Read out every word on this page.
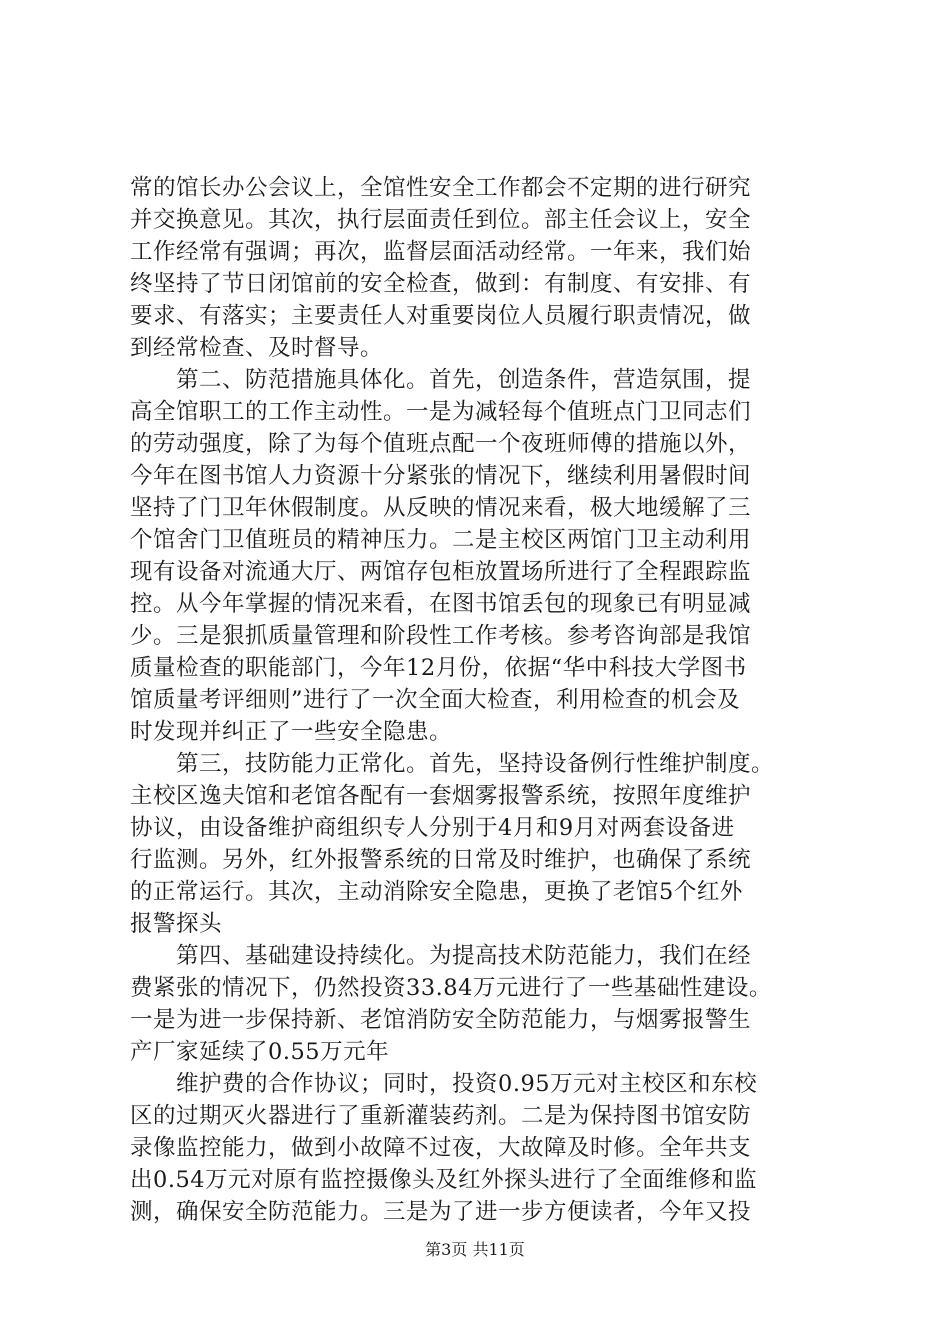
常的馆长办公会议上，全馆性安全工作都会不定期的进行研究
并交换意见。其次，执行层面责任到位。部主任会议上，安全
工作经常有强调；再次，监督层面活动经常。一年来，我们始
终坚持了节日闭馆前的安全检查，做到：有制度、有安排、有
要求、有落实；主要责任人对重要岗位人员履行职责情况，做
到经常检查、及时督导。
　　第二、防范措施具体化。首先，创造条件，营造氛围，提
高全馆职工的工作主动性。一是为减轻每个值班点门卫同志们
的劳动强度，除了为每个值班点配一个夜班师傅的措施以外，
今年在图书馆人力资源十分紧张的情况下，继续利用暑假时间
坚持了门卫年休假制度。从反映的情况来看，极大地缓解了三
个馆舍门卫值班员的精神压力。二是主校区两馆门卫主动利用
现有设备对流通大厅、两馆存包柜放置场所进行了全程跟踪监
控。从今年掌握的情况来看，在图书馆丢包的现象已有明显减
少。三是狠抓质量管理和阶段性工作考核。参考咨询部是我馆
质量检查的职能部门，今年12月份，依据“华中科技大学图书
馆质量考评细则”进行了一次全面大检查，利用检查的机会及
时发现并纠正了一些安全隐患。
　　第三，技防能力正常化。首先，坚持设备例行性维护制度。
主校区逸夫馆和老馆各配有一套烟雾报警系统，按照年度维护
协议，由设备维护商组织专人分别于4月和9月对两套设备进
行监测。另外，红外报警系统的日常及时维护，也确保了系统
的正常运行。其次，主动消除安全隐患，更换了老馆5个红外
报警探头
　　第四、基础建设持续化。为提高技术防范能力，我们在经
费紧张的情况下，仍然投资33.84万元进行了一些基础性建设。
一是为进一步保持新、老馆消防安全防范能力，与烟雾报警生
产厂家延续了0.55万元年
　　维护费的合作协议；同时，投资0.95万元对主校区和东校
区的过期灭火器进行了重新灌装药剂。二是为保持图书馆安防
录像监控能力，做到小故障不过夜，大故障及时修。全年共支
出0.54万元对原有监控摄像头及红外探头进行了全面维修和监
测，确保安全防范能力。三是为了进一步方便读者，今年又投
第3页 共11页
